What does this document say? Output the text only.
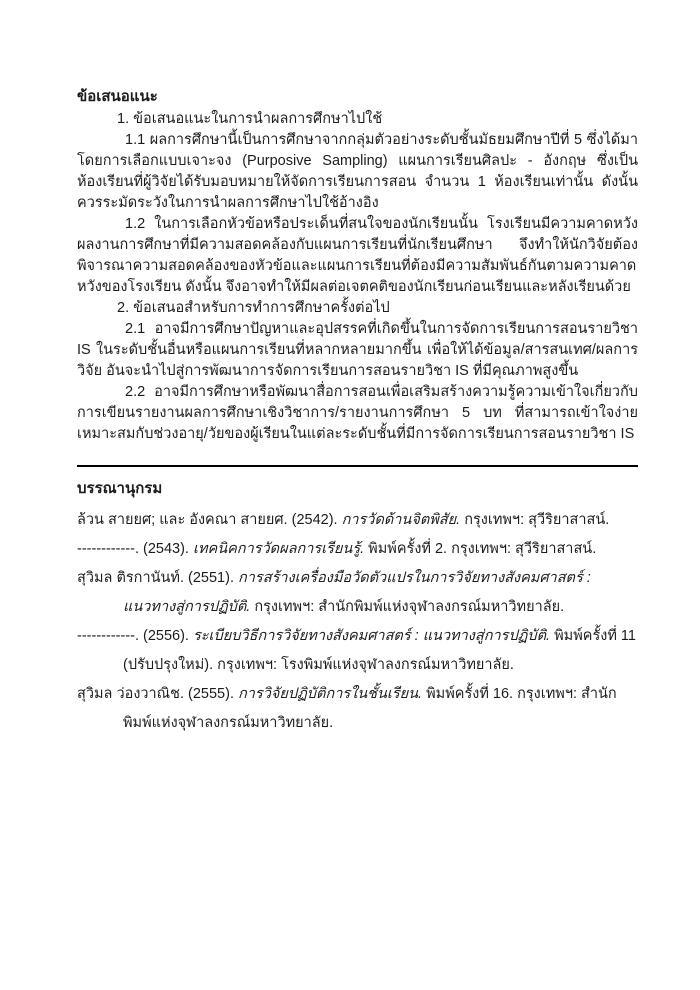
ข้อเสนอแนะ

1. ข้อเสนอแนะในการนำผลการศึกษาไปใช้

1.1 ผลการศึกษานี้เป็นการศึกษาจากกลุ่มตัวอย่างระดับชั้นมัธยมศึกษาปีที่ 5 ซึ่งได้มาโดยการเลือกแบบเจาะจง (Purposive Sampling) แผนการเรียนศิลปะ - อังกฤษ ซึ่งเป็นห้องเรียนที่ผู้วิจัยได้รับมอบหมายให้จัดการเรียนการสอน จำนวน 1 ห้องเรียนเท่านั้น ดังนั้น ควรระมัดระวังในการนำผลการศึกษาไปใช้อ้างอิง

1.2 ในการเลือกหัวข้อหรือประเด็นที่สนใจของนักเรียนนั้น โรงเรียนมีความคาดหวังผลงานการศึกษาที่มีความสอดคล้องกับแผนการเรียนที่นักเรียนศึกษา จึงทำให้นักวิจัยต้องพิจารณาความสอดคล้องของหัวข้อและแผนการเรียนที่ต้องมีความสัมพันธ์กันตามความคาดหวังของโรงเรียน ดังนั้น จึงอาจทำให้มีผลต่อเจตคติของนักเรียนก่อนเรียนและหลังเรียนด้วย

2. ข้อเสนอสำหรับการทำการศึกษาครั้งต่อไป

2.1 อาจมีการศึกษาปัญหาและอุปสรรคที่เกิดขึ้นในการจัดการเรียนการสอนรายวิชา IS ในระดับชั้นอื่นหรือแผนการเรียนที่หลากหลายมากขึ้น เพื่อให้ได้ข้อมูล/สารสนเทศ/ผลการวิจัย อันจะนำไปสู่การพัฒนาการจัดการเรียนการสอนรายวิชา IS ที่มีคุณภาพสูงขึ้น

2.2 อาจมีการศึกษาหรือพัฒนาสื่อการสอนเพื่อเสริมสร้างความรู้ความเข้าใจเกี่ยวกับการเขียนรายงานผลการศึกษาเชิงวิชาการ/รายงานการศึกษา 5 บท ที่สามารถเข้าใจง่าย เหมาะสมกับช่วงอายุ/วัยของผู้เรียนในแต่ละระดับชั้นที่มีการจัดการเรียนการสอนรายวิชา IS

บรรณานุกรม

ล้วน สายยศ; และ อังคณา สายยศ. (2542). การวัดด้านจิตพิสัย. กรุงเทพฯ: สุวีริยาสาสน์.

------------. (2543). เทคนิคการวัดผลการเรียนรู้. พิมพ์ครั้งที่ 2. กรุงเทพฯ: สุวีริยาสาสน์.

สุวิมล ติรกานันท์. (2551). การสร้างเครื่องมือวัดตัวแปรในการวิจัยทางสังคมศาสตร์ : แนวทางสู่การปฏิบัติ. กรุงเทพฯ: สำนักพิมพ์แห่งจุฬาลงกรณ์มหาวิทยาลัย.

------------. (2556). ระเบียบวิธีการวิจัยทางสังคมศาสตร์ : แนวทางสู่การปฏิบัติ. พิมพ์ครั้งที่ 11 (ปรับปรุงใหม่). กรุงเทพฯ: โรงพิมพ์แห่งจุฬาลงกรณ์มหาวิทยาลัย.

สุวิมล ว่องวาณิช. (2555). การวิจัยปฏิบัติการในชั้นเรียน. พิมพ์ครั้งที่ 16. กรุงเทพฯ: สำนักพิมพ์แห่งจุฬาลงกรณ์มหาวิทยาลัย.
